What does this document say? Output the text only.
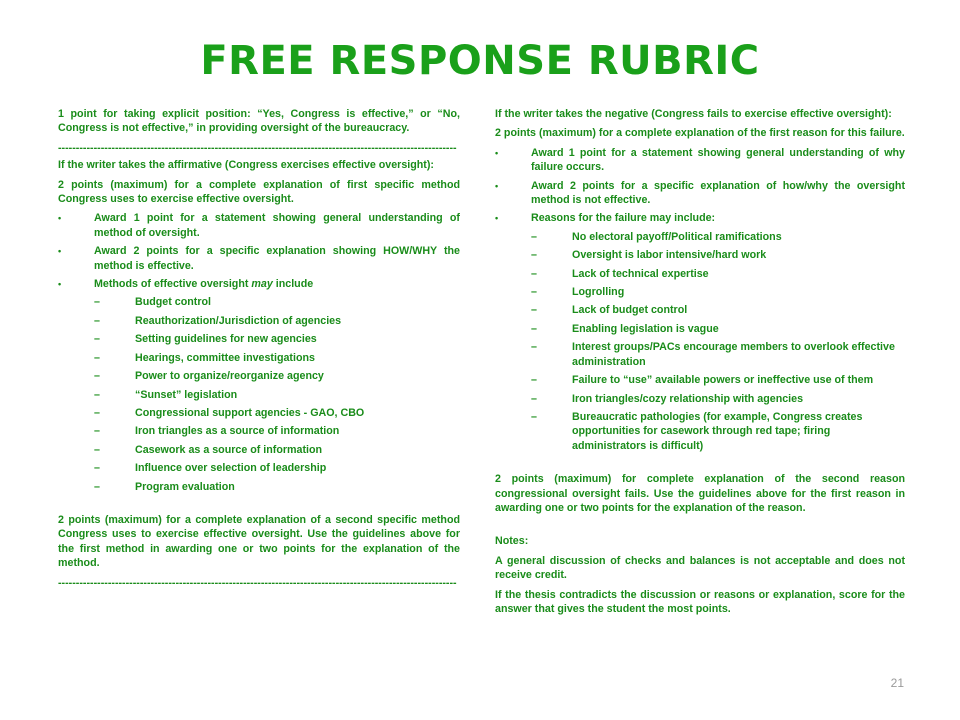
FREE RESPONSE RUBRIC

1 point for taking explicit position: “Yes, Congress is effective,” or “No, Congress is not effective,” in providing oversight of the bureaucracy.

----------------------------------------------------------------------------------------------------------------

If the writer takes the affirmative (Congress exercises effective oversight):

2 points (maximum) for a complete explanation of first specific method Congress uses to exercise effective oversight.

• Award 1 point for a statement showing general understanding of method of oversight.
• Award 2 points for a specific explanation showing HOW/WHY the method is effective.
• Methods of effective oversight may include
– Budget control
– Reauthorization/Jurisdiction of agencies
– Setting guidelines for new agencies
– Hearings, committee investigations
– Power to organize/reorganize agency
– “Sunset” legislation
– Congressional support agencies - GAO, CBO
– Iron triangles as a source of information
– Casework as a source of information
– Influence over selection of leadership
– Program evaluation

2 points (maximum) for a complete explanation of a second specific method Congress uses to exercise effective oversight. Use the guidelines above for the first method in awarding one or two points for the explanation of the method.

----------------------------------------------------------------------------------------------------------------

If the writer takes the negative (Congress fails to exercise effective oversight):

2 points (maximum) for a complete explanation of the first reason for this failure.

• Award 1 point for a statement showing general understanding of why failure occurs.
• Award 2 points for a specific explanation of how/why the oversight method is not effective.
• Reasons for the failure may include:
– No electoral payoff/Political ramifications
– Oversight is labor intensive/hard work
– Lack of technical expertise
– Logrolling
– Lack of budget control
– Enabling legislation is vague
– Interest groups/PACs encourage members to overlook effective administration
– Failure to “use” available powers or ineffective use of them
– Iron triangles/cozy relationship with agencies
– Bureaucratic pathologies (for example, Congress creates opportunities for casework through red tape; firing administrators is difficult)

2 points (maximum) for complete explanation of the second reason congressional oversight fails. Use the guidelines above for the first reason in awarding one or two points for the explanation of the reason.

Notes:

A general discussion of checks and balances is not acceptable and does not receive credit.

If the thesis contradicts the discussion or reasons or explanation, score for the answer that gives the student the most points.

21
